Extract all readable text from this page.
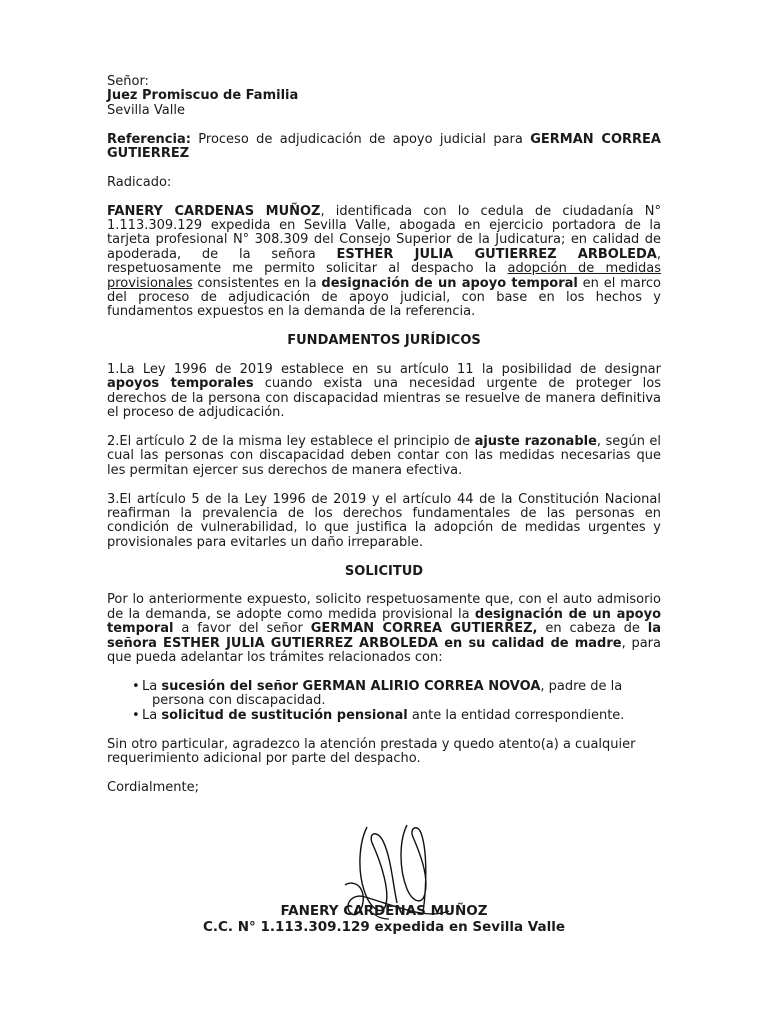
Señor:

Juez Promiscuo de Familia

Sevilla Valle

Referencia: Proceso de adjudicación de apoyo judicial para GERMAN CORREA GUTIERREZ

Radicado:

FANERY CARDENAS MUÑOZ, identificada con lo cedula de ciudadanía N° 1.113.309.129 expedida en Sevilla Valle, abogada en ejercicio portadora de la tarjeta profesional N° 308.309 del Consejo Superior de la Judicatura; en calidad de apoderada, de la señora ESTHER JULIA GUTIERREZ ARBOLEDA, respetuosamente me permito solicitar al despacho la adopción de medidas provisionales consistentes en la designación de un apoyo temporal en el marco del proceso de adjudicación de apoyo judicial, con base en los hechos y fundamentos expuestos en la demanda de la referencia.

FUNDAMENTOS JURÍDICOS

1.La Ley 1996 de 2019 establece en su artículo 11 la posibilidad de designar apoyos temporales cuando exista una necesidad urgente de proteger los derechos de la persona con discapacidad mientras se resuelve de manera definitiva el proceso de adjudicación.

2.El artículo 2 de la misma ley establece el principio de ajuste razonable, según el cual las personas con discapacidad deben contar con las medidas necesarias que les permitan ejercer sus derechos de manera efectiva.

3.El artículo 5 de la Ley 1996 de 2019 y el artículo 44 de la Constitución Nacional reafirman la prevalencia de los derechos fundamentales de las personas en condición de vulnerabilidad, lo que justifica la adopción de medidas urgentes y provisionales para evitarles un daño irreparable.

SOLICITUD

Por lo anteriormente expuesto, solicito respetuosamente que, con el auto admisorio de la demanda, se adopte como medida provisional la designación de un apoyo temporal a favor del señor GERMAN CORREA GUTIERREZ, en cabeza de la señora ESTHER JULIA GUTIERREZ ARBOLEDA en su calidad de madre, para que pueda adelantar los trámites relacionados con:

• La sucesión del señor GERMAN ALIRIO CORREA NOVOA, padre de la persona con discapacidad.
• La solicitud de sustitución pensional ante la entidad correspondiente.

Sin otro particular, agradezco la atención prestada y quedo atento(a) a cualquier requerimiento adicional por parte del despacho.

Cordialmente;

FANERY CARDENAS MUÑOZ
C.C. N° 1.113.309.129 expedida en Sevilla Valle
